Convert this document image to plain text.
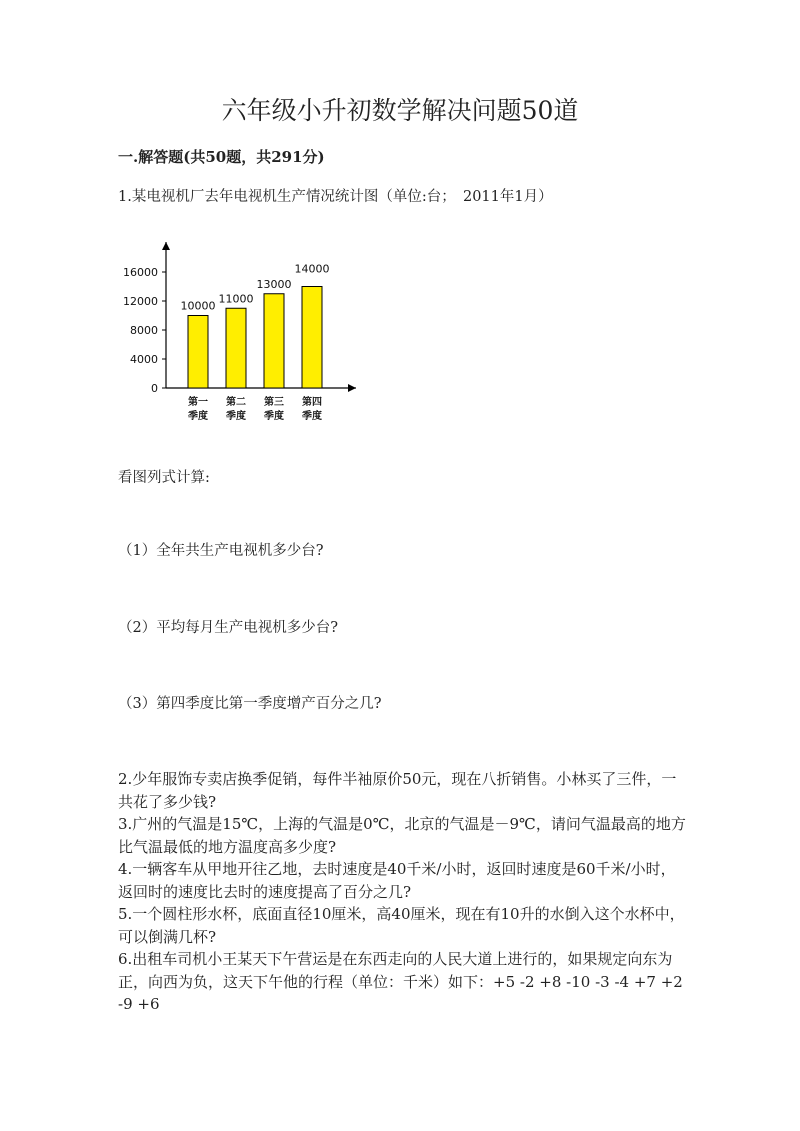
六年级小升初数学解决问题50道
一.解答题(共50题，共291分)
1.某电视机厂去年电视机生产情况统计图（单位:台；　2011年1月）
0
4000
8000
12000
16000
10000
第一
季度
11000
第二
季度
13000
第三
季度
14000
第四
季度
看图列式计算:
（1）全年共生产电视机多少台?
（2）平均每月生产电视机多少台?
（3）第四季度比第一季度增产百分之几?

2.少年服饰专卖店换季促销，每件半袖原价50元，现在八折销售。小林买了三件，一共花了多少钱?

3.广州的气温是15℃，上海的气温是0℃，北京的气温是－9℃，请问气温最高的地方比气温最低的地方温度高多少度?

4.一辆客车从甲地开往乙地，去时速度是40千米/小时，返回时速度是60千米/小时，返回时的速度比去时的速度提高了百分之几?

5.一个圆柱形水杯，底面直径10厘米，高40厘米，现在有10升的水倒入这个水杯中，可以倒满几杯?

6.出租车司机小王某天下午营运是在东西走向的人民大道上进行的，如果规定向东为正，向西为负，这天下午他的行程（单位：千米）如下：+5 -2 +8 -10 -3 -4 +7 +2 -9 +6
